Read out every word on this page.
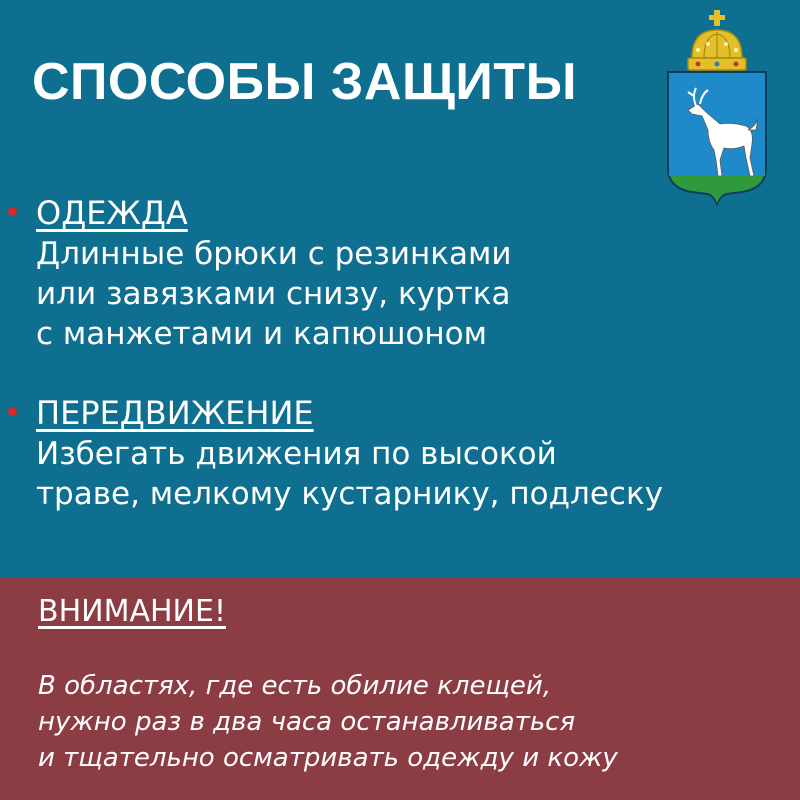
СПОСОБЫ ЗАЩИТЫ
ОДЕЖДА
Длинные брюки с резинками
или завязками снизу, куртка
с манжетами и капюшоном
ПЕРЕДВИЖЕНИЕ
Избегать движения по высокой
траве, мелкому кустарнику, подлеску
ВНИМАНИЕ!
В областях, где есть обилие клещей,
нужно раз в два часа останавливаться
и тщательно осматривать одежду и кожу
